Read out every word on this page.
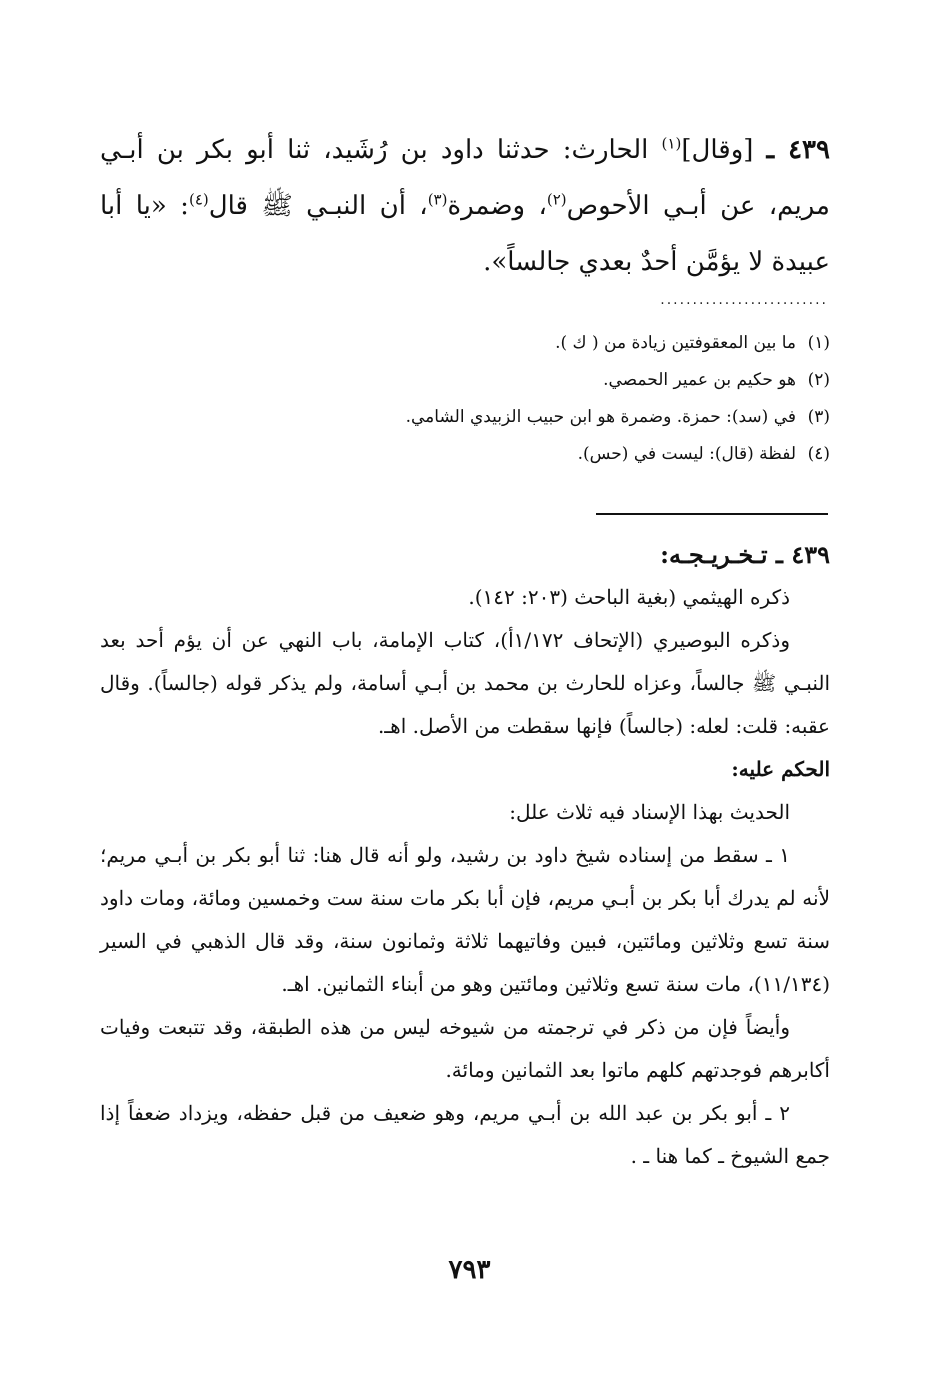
٤٣٩ ـ [وقال]$^{(١)}$ الحارث: حدثنا داود بن رُشَيد، ثنا أبو بكر بن أبـي مريم، عن أبـي الأحوص$^{(٢)}$، وضمرة$^{(٣)}$، أن النبـي ﷺ قال$^{(٤)}$: «يا أبا عبيدة لا يؤمَّن أحدٌ بعدي جالساً».
..........................
(١)ما بين المعقوفتين زيادة من ( ك ).
(٢)هو حكيم بن عمير الحمصي.
(٣)في (سد): حمزة. وضمرة هو ابن حبيب الزبيدي الشامي.
(٤)لفظة (قال): ليست في (حس).
٤٣٩ ـ تـخـريـجـه:
ذكره الهيثمي (بغية الباحث (٢٠٣: ١٤٢).
وذكره البوصيري (الإتحاف ١/١٧٢أ)، كتاب الإمامة، باب النهي عن أن يؤم أحد بعد النبـي ﷺ جالساً، وعزاه للحارث بن محمد بن أبـي أسامة، ولم يذكر قوله (جالساً). وقال عقبه: قلت: لعله: (جالساً) فإنها سقطت من الأصل. اهـ.
الحكم عليه:
الحديث بهذا الإسناد فيه ثلاث علل:
١ ـ سقط من إسناده شيخ داود بن رشيد، ولو أنه قال هنا: ثنا أبو بكر بن أبـي مريم؛ لأنه لم يدرك أبا بكر بن أبـي مريم، فإن أبا بكر مات سنة ست وخمسين ومائة، ومات داود سنة تسع وثلاثين ومائتين، فبين وفاتيهما ثلاثة وثمانون سنة، وقد قال الذهبي في السير (١١/١٣٤)، مات سنة تسع وثلاثين ومائتين وهو من أبناء الثمانين. اهـ.
وأيضاً فإن من ذكر في ترجمته من شيوخه ليس من هذه الطبقة، وقد تتبعت وفيات أكابرهم فوجدتهم كلهم ماتوا بعد الثمانين ومائة.
٢ ـ أبو بكر بن عبد الله بن أبـي مريم، وهو ضعيف من قبل حفظه، ويزداد ضعفاً إذا جمع الشيوخ ـ كما هنا ـ .
٧٩٣
